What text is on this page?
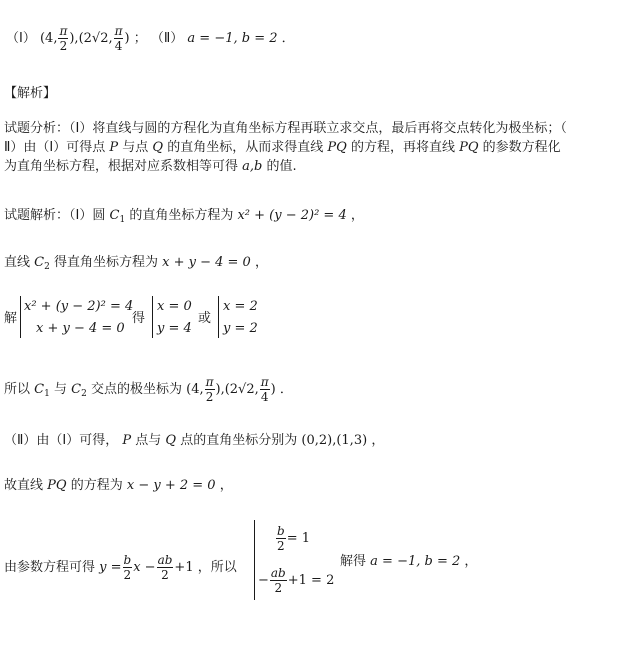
（Ⅰ） (4, $\frac{\pi}{2} ),(2√2$, $\frac{\pi}{4}$ ) ； （Ⅱ） a = −1, b = 2 ．
【解析】
试题分析：（Ⅰ）将直线与圆的方程化为直角坐标方程再联立求交点，最后再将交点转化为极坐标；（
Ⅱ）由（Ⅰ）可得点 P 与点 Q 的直角坐标，从而求得直线 PQ 的方程，再将直线 PQ 的参数方程化
为直角坐标方程，根据对应系数相等可得 a,b 的值.
试题解析：（Ⅰ）圆 $C_1$ 的直角坐标方程为 x² + (y − 2)² = 4 ，
直线 $C_2$ 得直角坐标方程为 x + y − 4 = 0 ，
解
x² + (y − 2)² = 4
x + y − 4 = 0
得
x = 0
y = 4
或
x = 2
y = 2
所以 $C_1$ 与 $C_2$ 交点的极坐标为 (4, $\frac{\pi}{2} ),(2√2$, $\frac{\pi}{4}$ ) ．
（Ⅱ）由（Ⅰ）可得， P 点与 Q 点的直角坐标分别为 (0,2),(1,3) ，
故直线 PQ 的方程为 x − y + 2 = 0 ，
由参数方程可得 $y = \frac{b}{2}$ $x - \frac{ab}{2} +1$ ，所以
$\frac{b}{2} = 1$
− $\frac{ab}{2} +1 = 2$
解得 a = −1, b = 2 ，
